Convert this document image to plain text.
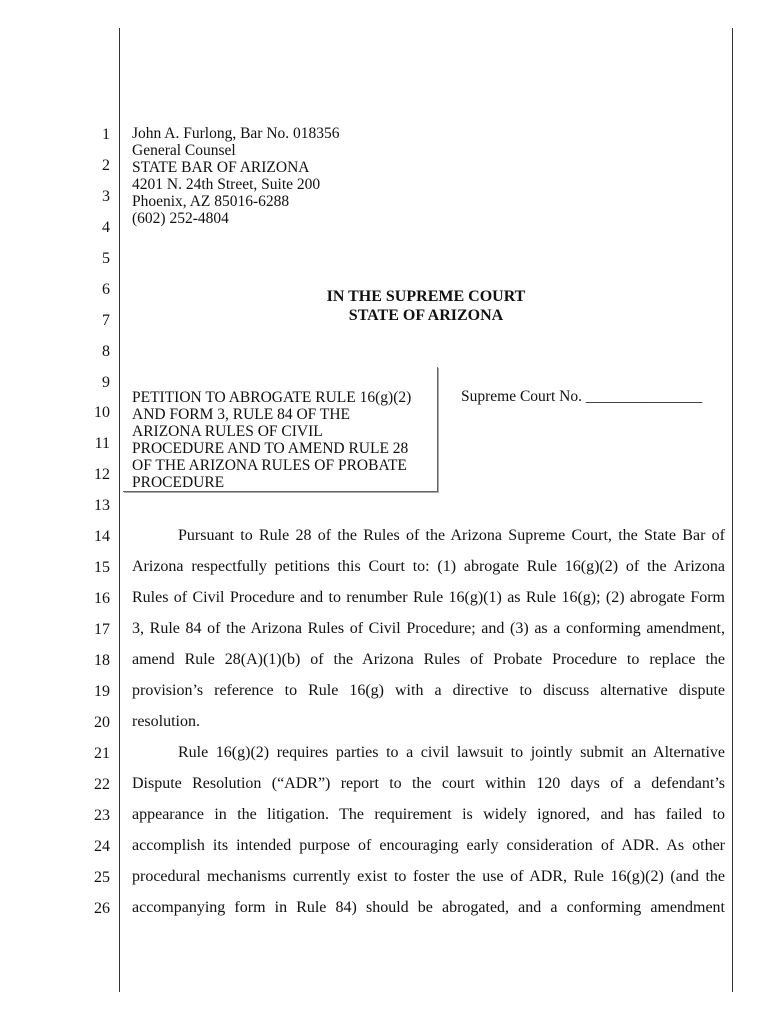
1
2
3
4
5
6
7
8
9
10
11
12
13
14
15
16
17
18
19
20
21
22
23
24
25
26
John A. Furlong, Bar No. 018356
General Counsel
STATE BAR OF ARIZONA
4201 N. 24th Street, Suite 200
Phoenix, AZ 85016-6288
(602) 252-4804
IN THE SUPREME COURT
STATE OF ARIZONA
PETITION TO ABROGATE RULE 16(g)(2)
AND FORM 3, RULE 84 OF THE
ARIZONA RULES OF CIVIL
PROCEDURE AND TO AMEND RULE 28
OF THE ARIZONA RULES OF PROBATE
PROCEDURE
Supreme Court No. _______________
Pursuant to Rule 28 of the Rules of the Arizona Supreme Court, the State Bar of
Arizona respectfully petitions this Court to: (1) abrogate Rule 16(g)(2) of the Arizona
Rules of Civil Procedure and to renumber Rule 16(g)(1) as Rule 16(g); (2) abrogate Form
3, Rule 84 of the Arizona Rules of Civil Procedure; and (3) as a conforming amendment,
amend Rule 28(A)(1)(b) of the Arizona Rules of Probate Procedure to replace the
provision’s reference to Rule 16(g) with a directive to discuss alternative dispute
resolution.
Rule 16(g)(2) requires parties to a civil lawsuit to jointly submit an Alternative
Dispute Resolution (“ADR”) report to the court within 120 days of a defendant’s
appearance in the litigation. The requirement is widely ignored, and has failed to
accomplish its intended purpose of encouraging early consideration of ADR. As other
procedural mechanisms currently exist to foster the use of ADR, Rule 16(g)(2) (and the
accompanying form in Rule 84) should be abrogated, and a conforming amendment
